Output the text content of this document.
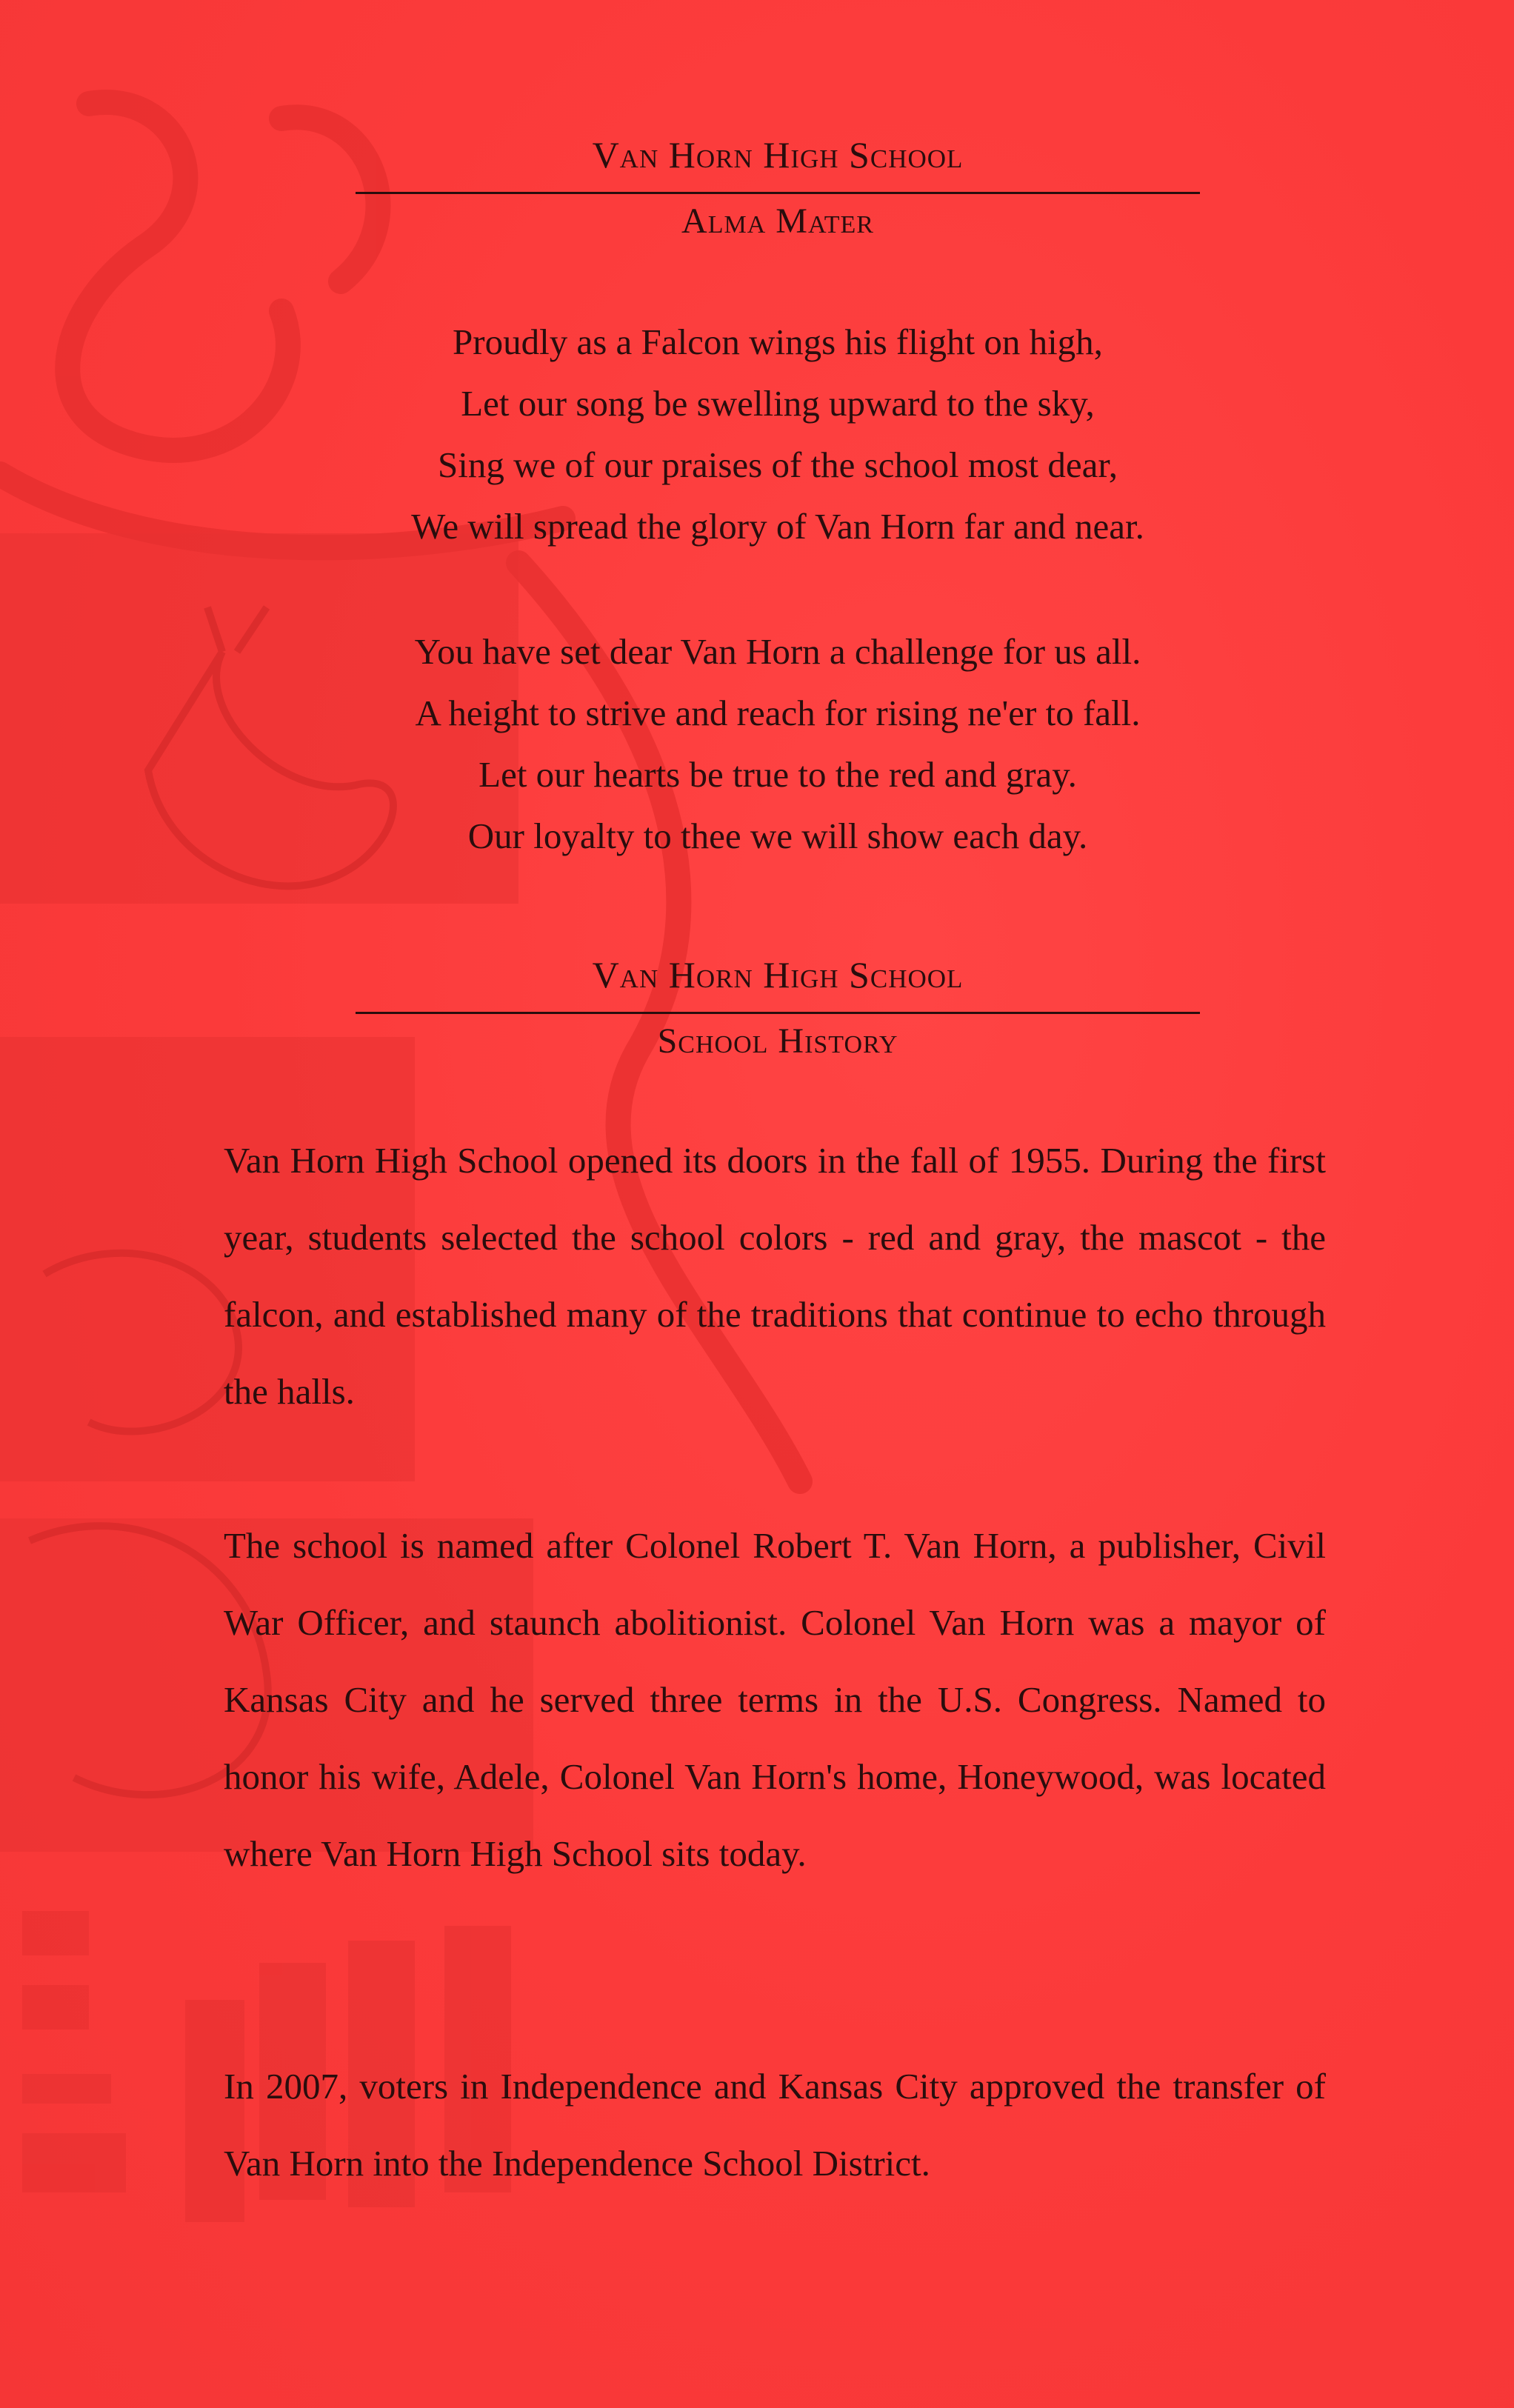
Van Horn High School
Alma Mater
Proudly as a Falcon wings his flight on high,
Let our song be swelling upward to the sky,
Sing we of our praises of the school most dear,
We will spread the glory of Van Horn far and near.
You have set dear Van Horn a challenge for us all.
A height to strive and reach for rising ne'er to fall.
Let our hearts be true to the red and gray.
Our loyalty to thee we will show each day.
Van Horn High School
School History

Van Horn High School opened its doors in the fall of 1955. During the first year, students selected the school colors - red and gray, the mascot - the falcon, and established many of the traditions that continue to echo through the halls.

The school is named after Colonel Robert T. Van Horn, a publisher, Civil War Officer, and staunch abolitionist. Colonel Van Horn was a mayor of Kansas City and he served three terms in the U.S. Congress. Named to honor his wife, Adele, Colonel Van Horn's home, Honeywood, was located where Van Horn High School sits today.

In 2007, voters in Independence and Kansas City approved the transfer of Van Horn into the Independence School District.
